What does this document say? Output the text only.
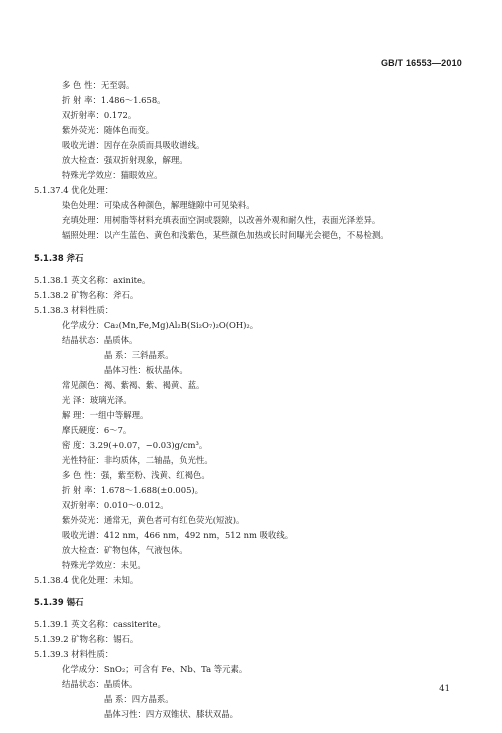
GB/T 16553—2010
多 色 性：无至弱。
折 射 率：1.486～1.658。
双折射率：0.172。
紫外荧光：随体色而变。
吸收光谱：因存在杂质而具吸收谱线。
放大检查：强双折射现象，解理。
特殊光学效应：猫眼效应。
5.1.37.4 优化处理：
染色处理：可染成各种颜色，解理缝隙中可见染料。
充填处理：用树脂等材料充填表面空洞或裂隙，以改善外观和耐久性，表面光泽差异。
辐照处理：以产生蓝色、黄色和浅紫色，某些颜色加热或长时间曝光会褪色，不易检测。
5.1.38 斧石
5.1.38.1 英文名称：axinite。
5.1.38.2 矿物名称：斧石。
5.1.38.3 材料性质：
化学成分：Ca₂(Mn,Fe,Mg)Al₂B(Si₂O₇)₂O(OH)₂。
结晶状态：晶质体。
晶 系：三斜晶系。
晶体习性：板状晶体。
常见颜色：褐、紫褐、紫、褐黄、蓝。
光 泽：玻璃光泽。
解 理：一组中等解理。
摩氏硬度：6～7。
密 度：3.29(+0.07，−0.03)g/cm³。
光性特征：非均质体，二轴晶，负光性。
多 色 性：强，紫至粉、浅黄、红褐色。
折 射 率：1.678～1.688(±0.005)。
双折射率：0.010～0.012。
紫外荧光：通常无，黄色者可有红色荧光(短波)。
吸收光谱：412 nm，466 nm，492 nm，512 nm 吸收线。
放大检查：矿物包体，气液包体。
特殊光学效应：未见。
5.1.38.4 优化处理：未知。
5.1.39 锡石
5.1.39.1 英文名称：cassiterite。
5.1.39.2 矿物名称：锡石。
5.1.39.3 材料性质：
化学成分：SnO₂；可含有 Fe、Nb、Ta 等元素。
结晶状态：晶质体。
晶 系：四方晶系。
晶体习性：四方双锥状、膝状双晶。
41
